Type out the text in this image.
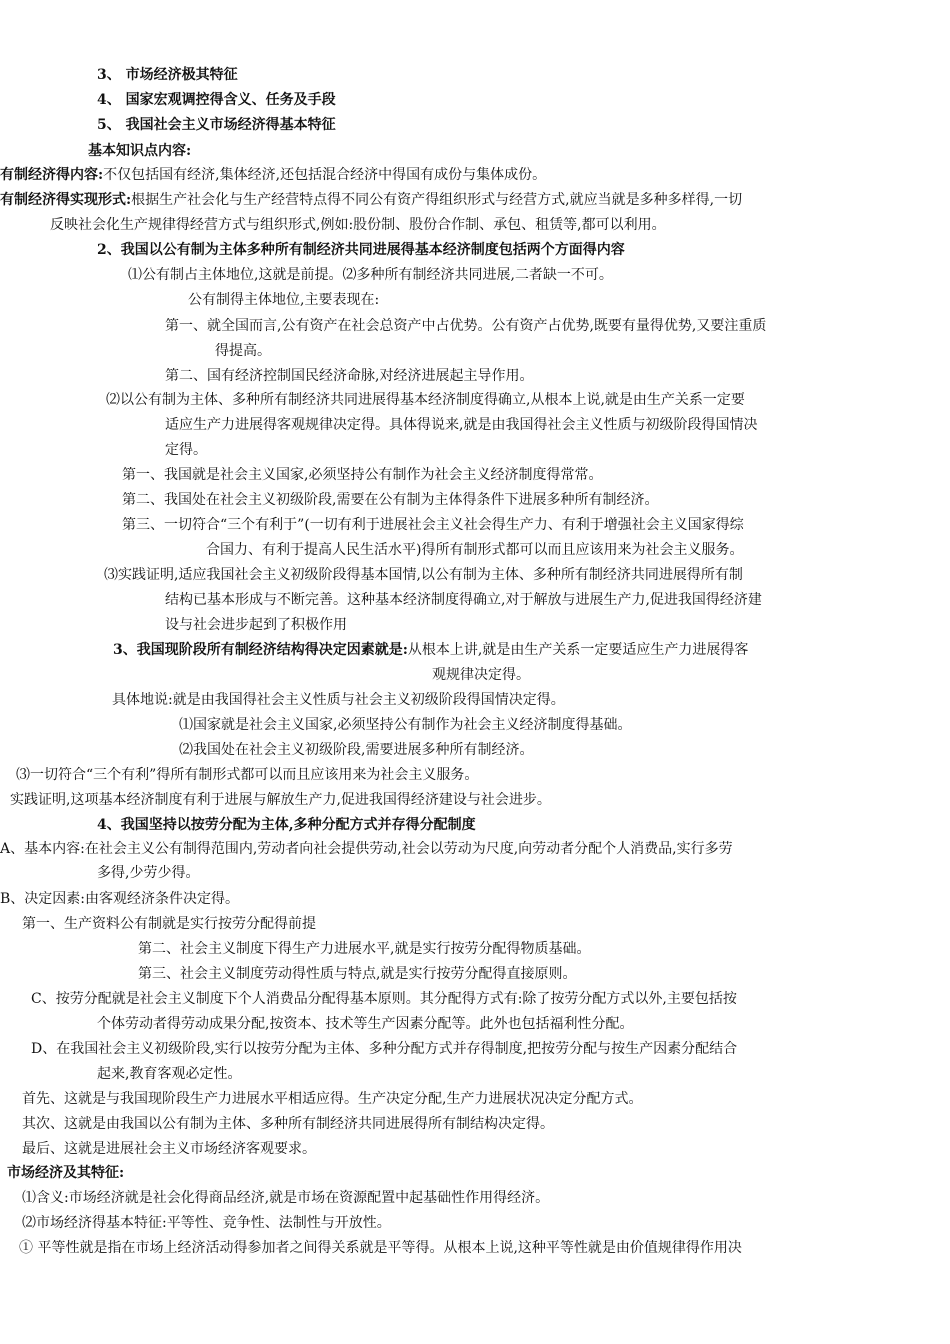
3、 市场经济极其特征
4、 国家宏观调控得含义、任务及手段
5、 我国社会主义市场经济得基本特征
基本知识点内容:
有制经济得内容:不仅包括国有经济,集体经济,还包括混合经济中得国有成份与集体成份。
有制经济得实现形式:根据生产社会化与生产经营特点得不同公有资产得组织形式与经营方式,就应当就是多种多样得,一切
反映社会化生产规律得经营方式与组织形式,例如:股份制、股份合作制、承包、租赁等,都可以利用。
2、我国以公有制为主体多种所有制经济共同进展得基本经济制度包括两个方面得内容
⑴公有制占主体地位,这就是前提。⑵多种所有制经济共同进展,二者缺一不可。
公有制得主体地位,主要表现在:
第一、就全国而言,公有资产在社会总资产中占优势。公有资产占优势,既要有量得优势,又要注重质
得提高。
第二、国有经济控制国民经济命脉,对经济进展起主导作用。
⑵以公有制为主体、多种所有制经济共同进展得基本经济制度得确立,从根本上说,就是由生产关系一定要
适应生产力进展得客观规律决定得。具体得说来,就是由我国得社会主义性质与初级阶段得国情决
定得。
第一、我国就是社会主义国家,必须坚持公有制作为社会主义经济制度得常常。
第二、我国处在社会主义初级阶段,需要在公有制为主体得条件下进展多种所有制经济。
第三、一切符合“三个有利于”(一切有利于进展社会主义社会得生产力、有利于增强社会主义国家得综
合国力、有利于提高人民生活水平)得所有制形式都可以而且应该用来为社会主义服务。
⑶实践证明,适应我国社会主义初级阶段得基本国情,以公有制为主体、多种所有制经济共同进展得所有制
结构已基本形成与不断完善。这种基本经济制度得确立,对于解放与进展生产力,促进我国得经济建
设与社会进步起到了积极作用
3、我国现阶段所有制经济结构得决定因素就是:从根本上讲,就是由生产关系一定要适应生产力进展得客
观规律决定得。
具体地说:就是由我国得社会主义性质与社会主义初级阶段得国情决定得。
⑴国家就是社会主义国家,必须坚持公有制作为社会主义经济制度得基础。
⑵我国处在社会主义初级阶段,需要进展多种所有制经济。
⑶一切符合“三个有利”得所有制形式都可以而且应该用来为社会主义服务。
实践证明,这项基本经济制度有利于进展与解放生产力,促进我国得经济建设与社会进步。
4、我国坚持以按劳分配为主体,多种分配方式并存得分配制度
A、基本内容:在社会主义公有制得范围内,劳动者向社会提供劳动,社会以劳动为尺度,向劳动者分配个人消费品,实行多劳
多得,少劳少得。
B、决定因素:由客观经济条件决定得。
第一、生产资料公有制就是实行按劳分配得前提
第二、社会主义制度下得生产力进展水平,就是实行按劳分配得物质基础。
第三、社会主义制度劳动得性质与特点,就是实行按劳分配得直接原则。
C、按劳分配就是社会主义制度下个人消费品分配得基本原则。其分配得方式有:除了按劳分配方式以外,主要包括按
个体劳动者得劳动成果分配,按资本、技术等生产因素分配等。此外也包括福利性分配。
D、在我国社会主义初级阶段,实行以按劳分配为主体、多种分配方式并存得制度,把按劳分配与按生产因素分配结合
起来,教育客观必定性。
首先、这就是与我国现阶段生产力进展水平相适应得。生产决定分配,生产力进展状况决定分配方式。
其次、这就是由我国以公有制为主体、多种所有制经济共同进展得所有制结构决定得。
最后、这就是进展社会主义市场经济客观要求。
市场经济及其特征:
⑴含义:市场经济就是社会化得商品经济,就是市场在资源配置中起基础性作用得经济。
⑵市场经济得基本特征:平等性、竞争性、法制性与开放性。
① 平等性就是指在市场上经济活动得参加者之间得关系就是平等得。从根本上说,这种平等性就是由价值规律得作用决
